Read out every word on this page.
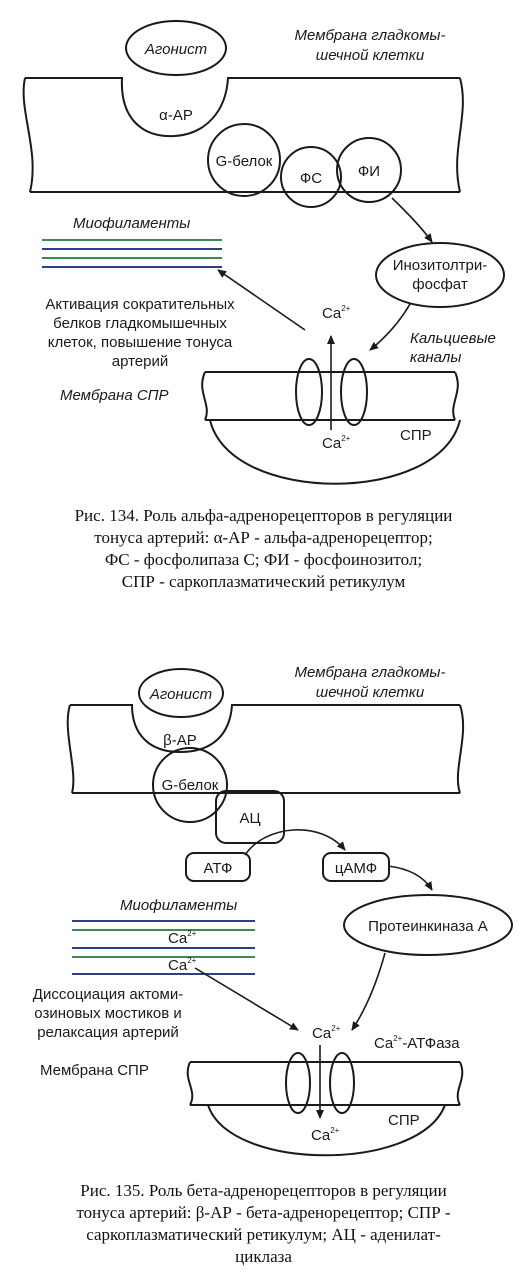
Агонист
Мембрана гладкомы-
шечной клетки
α-АР
G-белок
ФС ФИ
Инозитолтри-
фосфат
Миофиламенты
Активация сократительных
белков гладкомышечных
клеток, повышение тонуса
артерий
$Ca^{2+}$
Кальциевые
каналы
Мембрана СПР
СПР
$Ca^{2+}$
Агонист
Мембрана гладкомы-
шечной клетки
β-АР
G-белок
АЦ
АТФ	цАМФ
Протеинкиназа А
Миофиламенты
$Ca^{2+}$
$Ca^{2+}$
Диссоциация актоми-
озиновых мостиков и
релаксация артерий	$Ca^{2+}$
$Ca^{2+}$-АТФаза
Мембрана СПР
СПР
$Ca^{2+}$
Рис. 134. Роль альфа-адренорецепторов в регуляции
тонуса артерий: α-АР - альфа-адренорецептор;
ФС - фосфолипаза С; ФИ - фосфоинозитол;
СПР - саркоплазматический ретикулум
Рис. 135. Роль бета-адренорецепторов в регуляции
тонуса артерий: β-АР - бета-адренорецептор; СПР -
саркоплазматический ретикулум; АЦ - аденилат-
циклаза
